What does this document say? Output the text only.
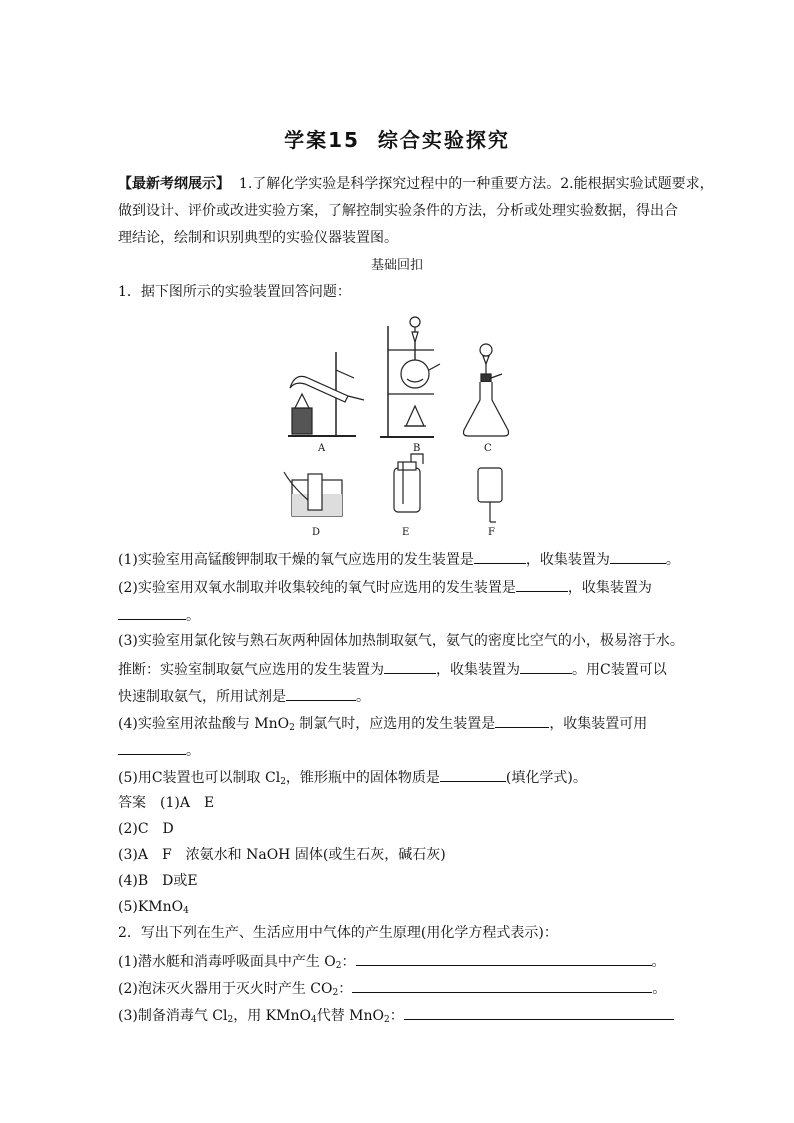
学案15 综合实验探究
【最新考纲展示】 1.了解化学实验是科学探究过程中的一种重要方法。2.能根据实验试题要求，
做到设计、评价或改进实验方案，了解控制实验条件的方法，分析或处理实验数据，得出合
理结论，绘制和识别典型的实验仪器装置图。
基础回扣
1．据下图所示的实验装置回答问题：
A	B	C
D	E	F
(1)实验室用高锰酸钾制取干燥的氧气应选用的发生装置是	，收集装置为	。
(2)实验室用双氧水制取并收集较纯的氧气时应选用的发生装置是	，收集装置为
。
(3)实验室用氯化铵与熟石灰两种固体加热制取氨气，氨气的密度比空气的小，极易溶于水。
推断：实验室制取氨气应选用的发生装置为	，收集装置为	。用C装置可以
快速制取氨气，所用试剂是	。
(4)实验室用浓盐酸与 MnO$_2$ 制氯气时，应选用的发生装置是	，收集装置可用
。
(5)用C装置也可以制取 $Cl_2$，锥形瓶中的固体物质是	(填化学式)。
答案　(1)A　E
(2)C　D
(3)A　F　浓氨水和 NaOH 固体(或生石灰，碱石灰)
(4)B　D或E
(5)KMnO$_4$
2．写出下列在生产、生活应用中气体的产生原理(用化学方程式表示)：
(1)潜水艇和消毒呼吸面具中产生 $O_2$：	。
(2)泡沫灭火器用于灭火时产生 $CO_2$：	。
(3)制备消毒气 $Cl_2$，用 KMnO$_4$代替 MnO$_2$：
